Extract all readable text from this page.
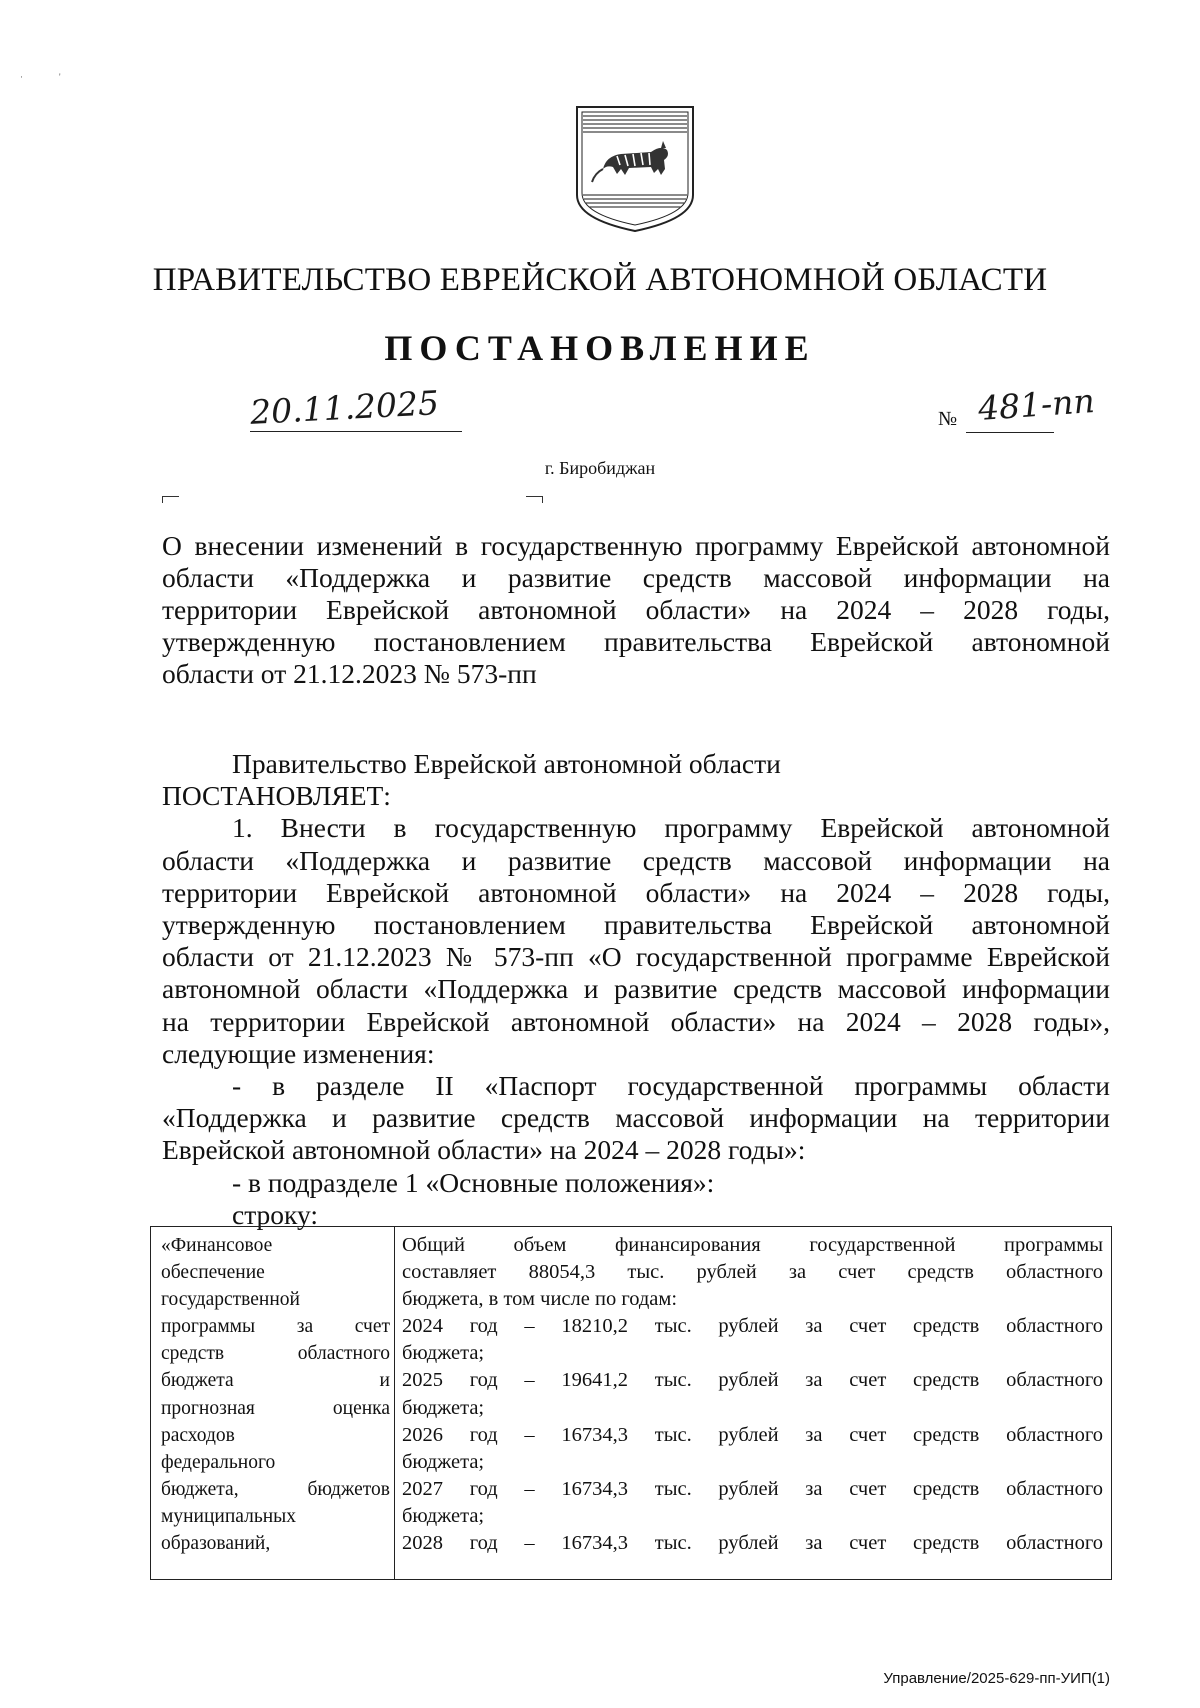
·                '
ПРАВИТЕЛЬСТВО ЕВРЕЙСКОЙ АВТОНОМНОЙ ОБЛАСТИ
ПОСТАНОВЛЕНИЕ
20.11.2025	№ 481-пп
г. Биробиджан
О внесении изменений в государственную программу Еврейской автономной
области «Поддержка и развитие средств массовой информации на
территории Еврейской автономной области» на 2024 – 2028 годы,
утвержденную постановлением правительства Еврейской автономной
области от 21.12.2023 № 573-пп
Правительство Еврейской автономной области
ПОСТАНОВЛЯЕТ:
1. Внести в государственную программу Еврейской автономной
области «Поддержка и развитие средств массовой информации на
территории Еврейской автономной области» на 2024 – 2028 годы,
утвержденную постановлением правительства Еврейской автономной
области от 21.12.2023 № 573-пп «О государственной программе Еврейской
автономной области «Поддержка и развитие средств массовой информации
на территории Еврейской автономной области» на 2024 – 2028 годы»,
следующие изменения:
- в разделе II «Паспорт государственной программы области
«Поддержка и развитие средств массовой информации на территории
Еврейской автономной области» на 2024 – 2028 годы»:
- в подразделе 1 «Основные положения»:
строку:
«Финансовое
обеспечение
государственной
программы за счет
средств областного
бюджета и
прогнозная оценка
расходов
федерального
бюджета, бюджетов
муниципальных
образований,
Общий объем финансирования государственной программы
составляет 88054,3 тыс. рублей за счет средств областного
бюджета, в том числе по годам:
2024 год – 18210,2 тыс. рублей за счет средств областного
бюджета;
2025 год – 19641,2 тыс. рублей за счет средств областного
бюджета;
2026 год – 16734,3 тыс. рублей за счет средств областного
бюджета;
2027 год – 16734,3 тыс. рублей за счет средств областного
бюджета;
2028 год – 16734,3 тыс. рублей за счет средств областного
Управление/2025-629-пп-УИП(1)
